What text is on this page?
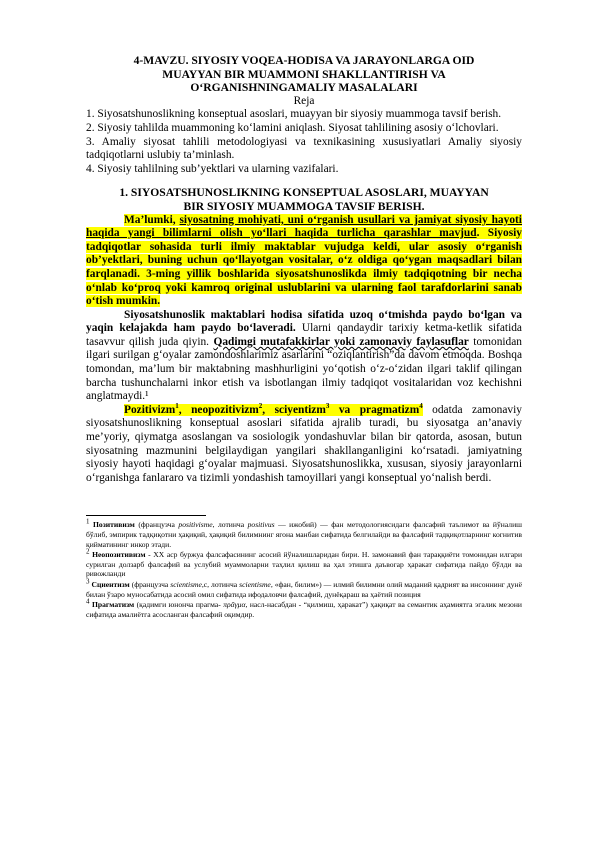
4-MAVZU. SIYOSIY VOQEA-HODISA VA JARAYONLARGA OID

MUAYYAN BIR MUAMMONI SHAKLLANTIRISH VA

O‘RGANISHNINGAMALIY MASALALARI

Reja

1. Siyosatshunoslikning konseptual asoslari, muayyan bir siyosiy muammoga tavsif berish.

2. Siyosiy tahlilda muammoning ko‘lamini aniqlash. Siyosat tahlilining asosiy o‘lchovlari.

3. Amaliy siyosat tahlili metodologiyasi va texnikasining xususiyatlari Amaliy siyosiy tadqiqotlarni uslubiy ta’minlash.

4. Siyosiy tahlilning sub’yektlari va ularning vazifalari.

1. SIYOSATSHUNOSLIKNING KONSEPTUAL ASOSLARI, MUAYYAN

BIR SIYOSIY MUAMMOGA TAVSIF BERISH.

Ma’lumki, siyosatning mohiyati, uni o‘rganish usullari va jamiyat siyosiy hayoti haqida yangi bilimlarni olish yo‘llari haqida turlicha qarashlar mavjud. Siyosiy tadqiqotlar sohasida turli ilmiy maktablar vujudga keldi, ular asosiy o‘rganish ob’yektlari, buning uchun qo‘llayotgan vositalar, o‘z oldiga qo‘ygan maqsadlari bilan farqlanadi. 3-ming yillik boshlarida siyosatshunoslikda ilmiy tadqiqotning bir necha o‘nlab ko‘proq yoki kamroq original uslublarini va ularning faol tarafdorlarini sanab o‘tish mumkin.

Siyosatshunoslik maktablari hodisa sifatida uzoq o‘tmishda paydo bo‘lgan va yaqin kelajakda ham paydo bo‘laveradi. Ularni qandaydir tarixiy ketma-ketlik sifatida tasavvur qilish juda qiyin. Qadimgi mutafakkirlar yoki zamonaviy faylasuflar tomonidan ilgari surilgan g‘oyalar zamondoshlarimiz asarlarini “oziqlantirish”da davom etmoqda. Boshqa tomondan, ma’lum bir maktabning mashhurligini yo‘qotish o‘z-o‘zidan ilgari taklif qilingan barcha tushunchalarni inkor etish va isbotlangan ilmiy tadqiqot vositalaridan voz kechishni anglatmaydi.¹

Pozitivizm$^1$, neopozitivizm$^2$, sciyentizm$^3$ va pragmatizm$^4$ odatda zamonaviy siyosatshunoslikning konseptual asoslari sifatida ajralib turadi, bu siyosatga an’anaviy me’yoriy, qiymatga asoslangan va sosiologik yondashuvlar bilan bir qatorda, asosan, butun siyosatning mazmunini belgilaydigan yangilari shakllanganligini ko‘rsatadi. jamiyatning siyosiy hayoti haqidagi g‘oyalar majmuasi. Siyosatshunoslikka, xususan, siyosiy jarayonlarni o‘rganishga fanlararo va tizimli yondashish tamoyillari yangi konseptual yo‘nalish berdi.

$^1$ Позитивизм (французча positivisme, лотинча positivus — ижобий) — фан методологиясидаги фалсафий таълимот ва йўналиш бўлиб, эмпирик тадқиқотни ҳақиқий, ҳақиқий билимнинг ягона манбаи сифатида белгилайди ва фалсафий тадқиқотларнинг когнитив қийматининг инкор этади.

$^2$ Неопозитивизм - XX аср буржуа фалсафасининг асосий йўналишларидан бири. Н. замонавий фан тараққиёти томонидан илгари сурилган долзарб фалсафий ва услубий муаммоларни таҳлил қилиш ва ҳал этишга даъвогар ҳаракат сифатида пайдо бўлди ва ривожланди

$^3$ Сциентизм (французча scientisme,с, лотинча scientisme, «фан, билим») — илмий билимни олий маданий қадрият ва инсоннинг дунё билан ўзаро муносабатида асосий омил сифатида ифодаловчи фалсафий, дунёқараш ва ҳаётий позиция

$^4$ Прагматизм (қадимги юнонча прагма- πρᾶγμα, насл-насабдан - “қилмиш, ҳаракат”) ҳақиқат ва семантик аҳамиятга эгалик мезони сифатида амалиётга асосланган фалсафий оқимдир.
